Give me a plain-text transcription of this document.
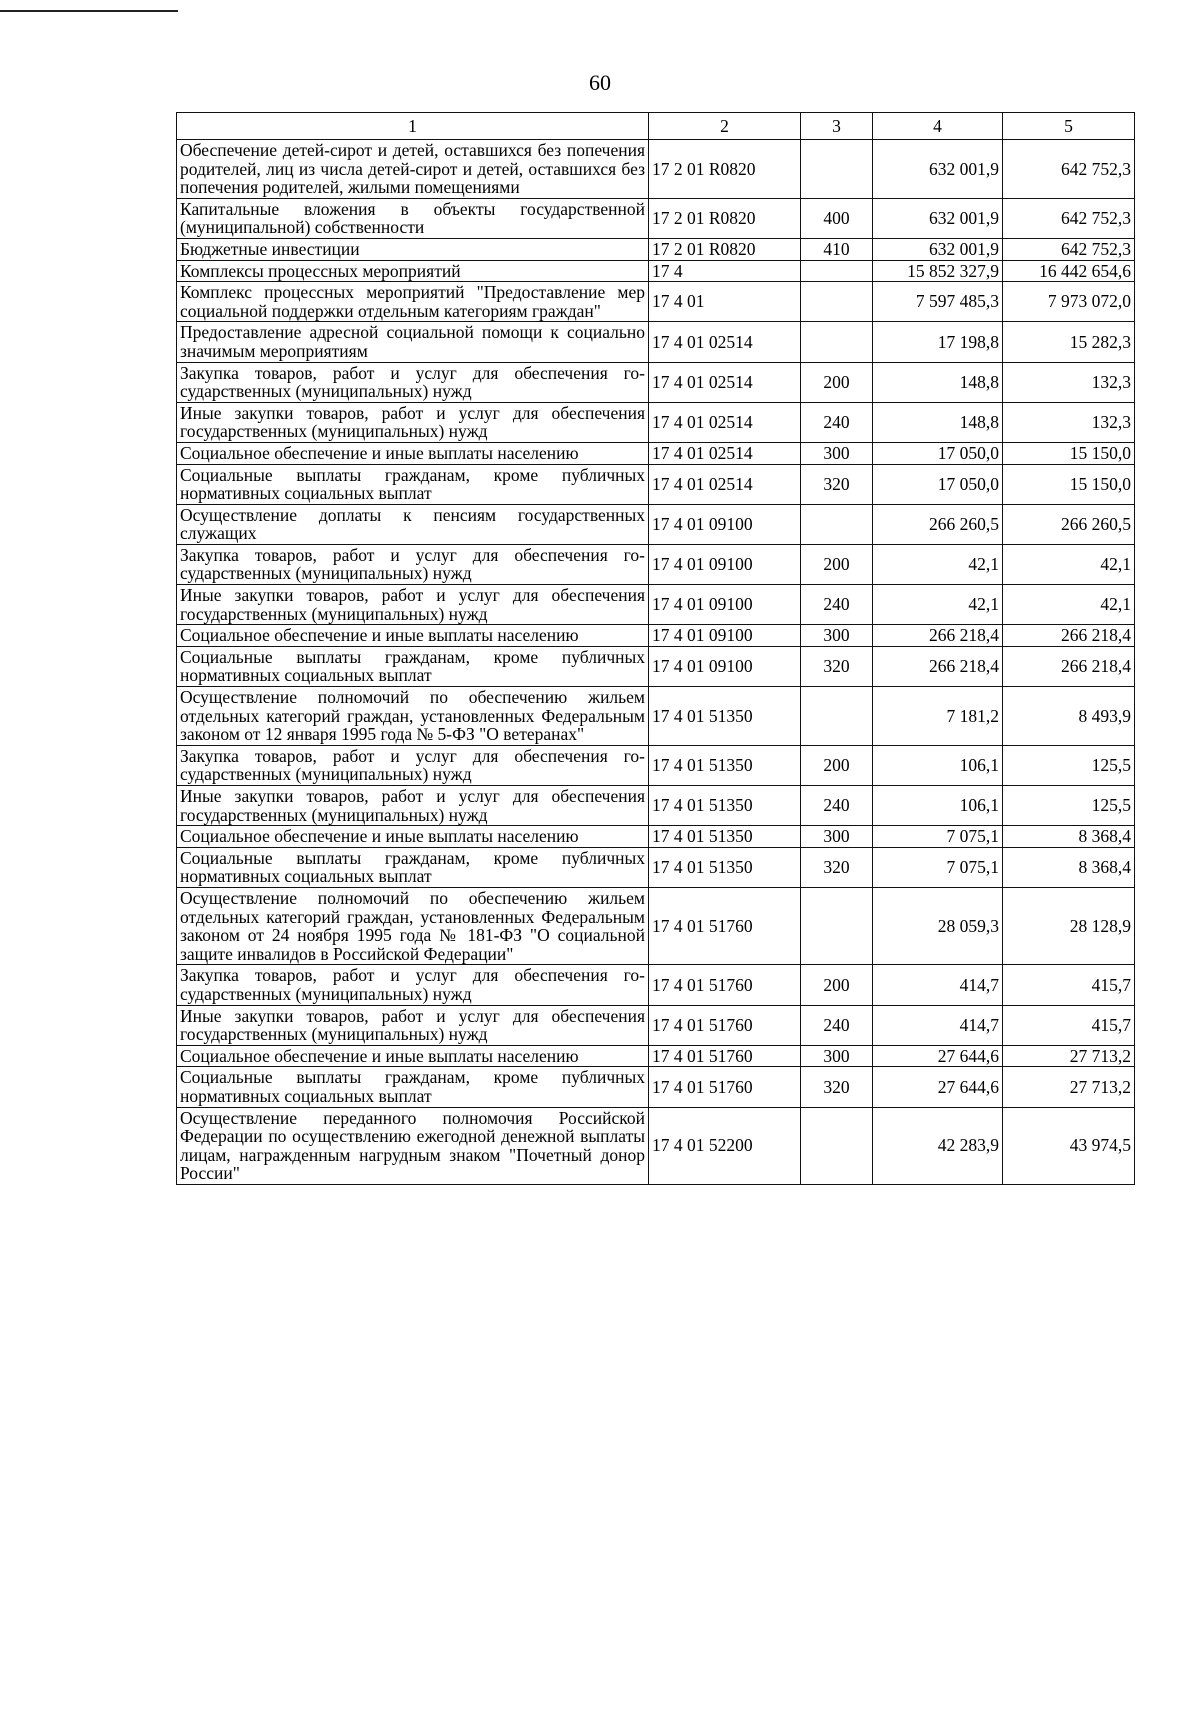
60
1	2	3	4	5
Обеспечение детей-сирот и детей, оставшихся без попечения родителей, лиц из числа детей-сирот и детей, оставшихся без попечения родителей, жилыми помещениями	17 2 01 R0820		632 001,9	642 752,3
Капитальные вложения в объекты государственной (муниципальной) собственности	17 2 01 R0820	400	632 001,9	642 752,3
Бюджетные инвестиции	17 2 01 R0820	410	632 001,9	642 752,3
Комплексы процессных мероприятий	17 4		15 852 327,9	16 442 654,6
Комплекс процессных мероприятий "Предоставление мер социальной поддержки отдельным категориям граждан"	17 4 01		7 597 485,3	7 973 072,0
Предоставление адресной социальной помощи к социально значимым мероприятиям	17 4 01 02514		17 198,8	15 282,3
Закупка товаров, работ и услуг для обеспечения государственных (муниципальных) нужд	17 4 01 02514	200	148,8	132,3
Иные закупки товаров, работ и услуг для обеспечения государственных (муниципальных) нужд	17 4 01 02514	240	148,8	132,3
Социальное обеспечение и иные выплаты населению	17 4 01 02514	300	17 050,0	15 150,0
Социальные выплаты гражданам, кроме публичных нормативных социальных выплат	17 4 01 02514	320	17 050,0	15 150,0
Осуществление доплаты к пенсиям государственных служащих	17 4 01 09100		266 260,5	266 260,5
Закупка товаров, работ и услуг для обеспечения государственных (муниципальных) нужд	17 4 01 09100	200	42,1	42,1
Иные закупки товаров, работ и услуг для обеспечения государственных (муниципальных) нужд	17 4 01 09100	240	42,1	42,1
Социальное обеспечение и иные выплаты населению	17 4 01 09100	300	266 218,4	266 218,4
Социальные выплаты гражданам, кроме публичных нормативных социальных выплат	17 4 01 09100	320	266 218,4	266 218,4
Осуществление полномочий по обеспечению жильем отдельных категорий граждан, установленных Федеральным законом от 12 января 1995 года № 5-ФЗ "О ветеранах"	17 4 01 51350		7 181,2	8 493,9
Закупка товаров, работ и услуг для обеспечения государственных (муниципальных) нужд	17 4 01 51350	200	106,1	125,5
Иные закупки товаров, работ и услуг для обеспечения государственных (муниципальных) нужд	17 4 01 51350	240	106,1	125,5
Социальное обеспечение и иные выплаты населению	17 4 01 51350	300	7 075,1	8 368,4
Социальные выплаты гражданам, кроме публичных нормативных социальных выплат	17 4 01 51350	320	7 075,1	8 368,4
Осуществление полномочий по обеспечению жильем отдельных категорий граждан, установленных Федеральным законом от 24 ноября 1995 года № 181-ФЗ "О социальной защите инвалидов в Российской Федерации"	17 4 01 51760		28 059,3	28 128,9
Закупка товаров, работ и услуг для обеспечения государственных (муниципальных) нужд	17 4 01 51760	200	414,7	415,7
Иные закупки товаров, работ и услуг для обеспечения государственных (муниципальных) нужд	17 4 01 51760	240	414,7	415,7
Социальное обеспечение и иные выплаты населению	17 4 01 51760	300	27 644,6	27 713,2
Социальные выплаты гражданам, кроме публичных нормативных социальных выплат	17 4 01 51760	320	27 644,6	27 713,2
Осуществление переданного полномочия Российской Федерации по осуществлению ежегодной денежной выплаты лицам, награжденным нагрудным знаком "Почетный донор России"	17 4 01 52200		42 283,9	43 974,5
